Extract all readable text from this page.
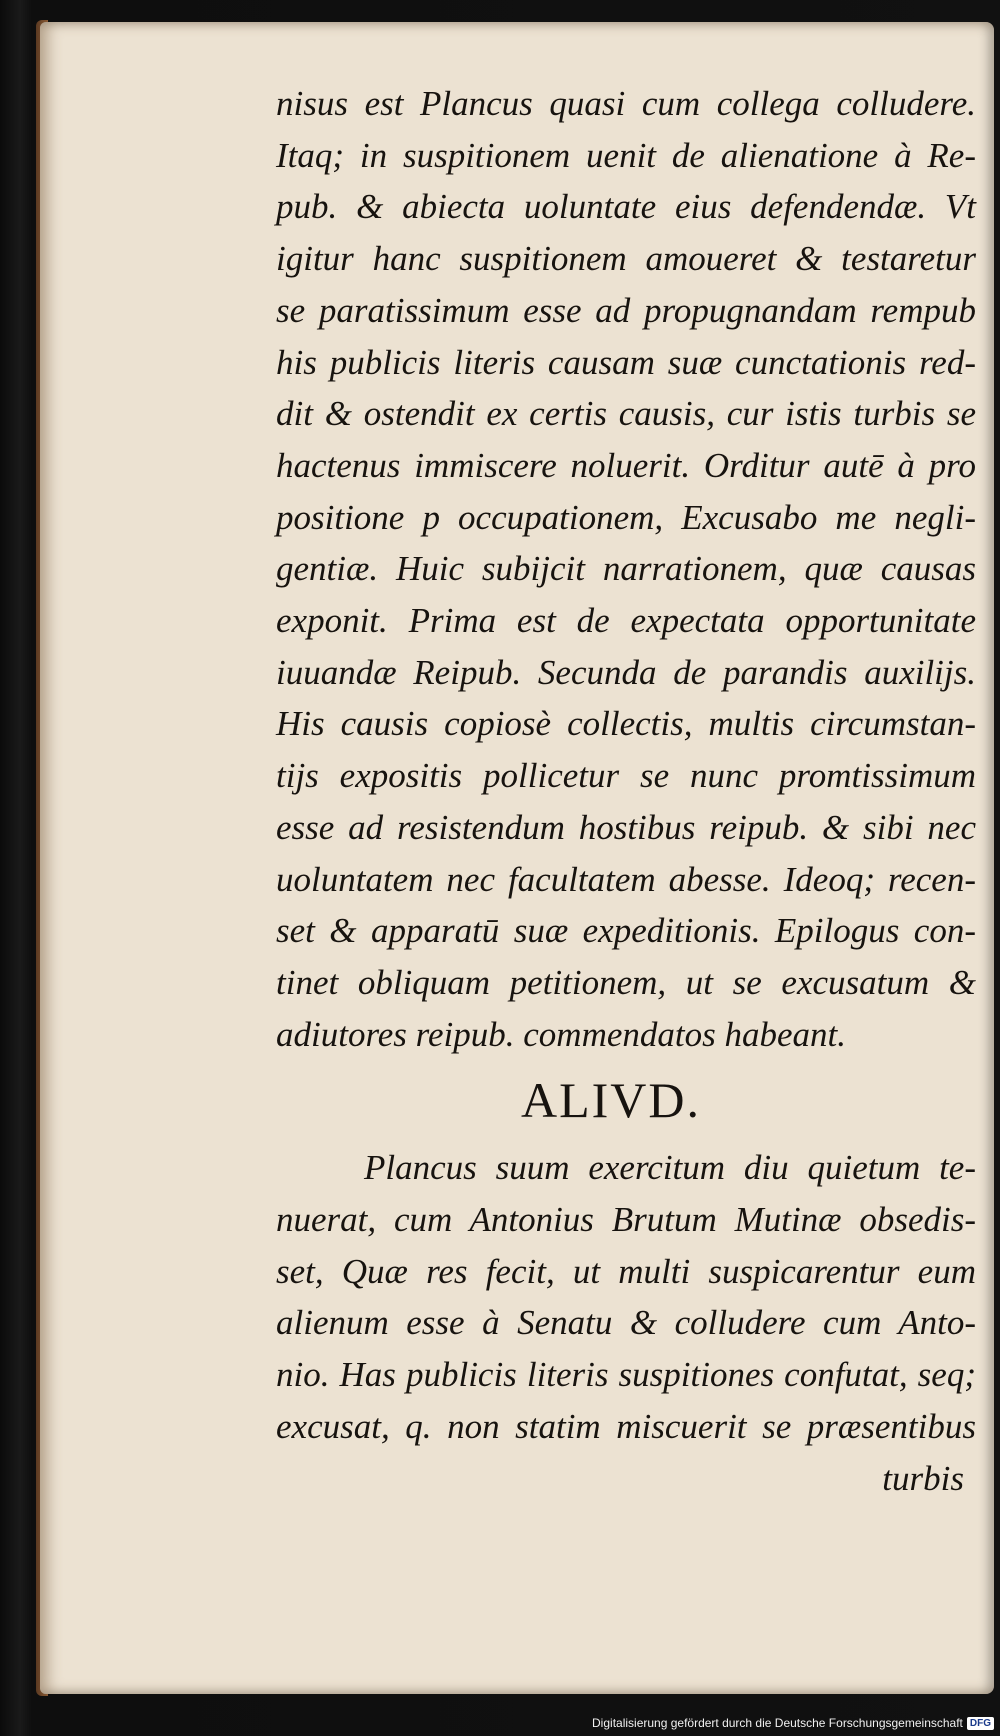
nisus est Plancus quasi cum collega colludere.
Itaq; in suspitionem uenit de alienatione à Re-
pub. & abiecta uoluntate eius defendendæ. Vt
igitur hanc suspitionem amoueret & testaretur
se paratissimum esse ad propugnandam rempub
his publicis literis causam suæ cunctationis red-
dit & ostendit ex certis causis, cur istis turbis se
hactenus immiscere noluerit. Orditur autē à pro
positione p occupationem, Excusabo me negli-
gentiæ. Huic subijcit narrationem, quæ causas
exponit. Prima est de expectata opportunitate
iuuandæ Reipub. Secunda de parandis auxilijs.
His causis copiosè collectis, multis circumstan-
tijs expositis pollicetur se nunc promtissimum
esse ad resistendum hostibus reipub. & sibi nec
uoluntatem nec facultatem abesse. Ideoq; recen-
set & apparatū suæ expeditionis. Epilogus con-
tinet obliquam petitionem, ut se excusatum &
adiutores reipub. commendatos habeant.
ALIVD.
Plancus suum exercitum diu quietum te-
nuerat, cum Antonius Brutum Mutinæ obsedis-
set, Quæ res fecit, ut multi suspicarentur eum
alienum esse à Senatu & colludere cum Anto-
nio. Has publicis literis suspitiones confutat, seq;
excusat, q. non statim miscuerit se præsentibus
turbis
Digitalisierung gefördert durch die Deutsche Forschungsgemeinschaft DFG
